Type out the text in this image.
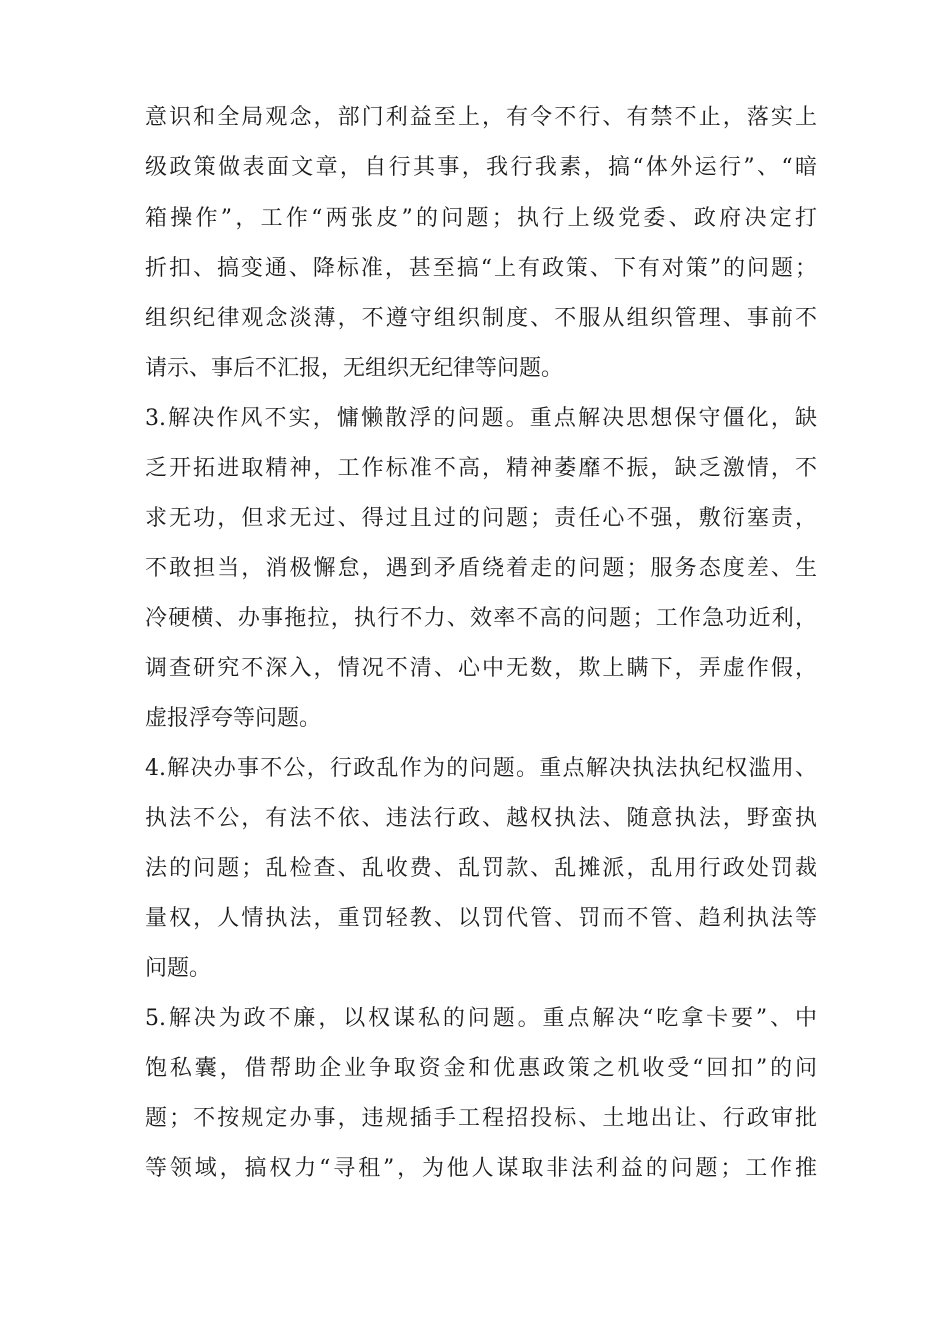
意识和全局观念，部门利益至上，有令不行、有禁不止，落实上
级政策做表面文章，自行其事，我行我素，搞“体外运行”、“暗
箱操作”，工作“两张皮”的问题；执行上级党委、政府决定打
折扣、搞变通、降标准，甚至搞“上有政策、下有对策”的问题；
组织纪律观念淡薄，不遵守组织制度、不服从组织管理、事前不
请示、事后不汇报，无组织无纪律等问题。
3.解决作风不实，慵懒散浮的问题。重点解决思想保守僵化，缺
乏开拓进取精神，工作标准不高，精神萎靡不振，缺乏激情，不
求无功，但求无过、得过且过的问题；责任心不强，敷衍塞责，
不敢担当，消极懈怠，遇到矛盾绕着走的问题；服务态度差、生
冷硬横、办事拖拉，执行不力、效率不高的问题；工作急功近利，
调查研究不深入，情况不清、心中无数，欺上瞒下，弄虚作假，
虚报浮夸等问题。
4.解决办事不公，行政乱作为的问题。重点解决执法执纪权滥用、
执法不公，有法不依、违法行政、越权执法、随意执法，野蛮执
法的问题；乱检查、乱收费、乱罚款、乱摊派，乱用行政处罚裁
量权，人情执法，重罚轻教、以罚代管、罚而不管、趋利执法等
问题。
5.解决为政不廉，以权谋私的问题。重点解决“吃拿卡要”、中
饱私囊，借帮助企业争取资金和优惠政策之机收受“回扣”的问
题；不按规定办事，违规插手工程招投标、土地出让、行政审批
等领域，搞权力“寻租”，为他人谋取非法利益的问题；工作推
